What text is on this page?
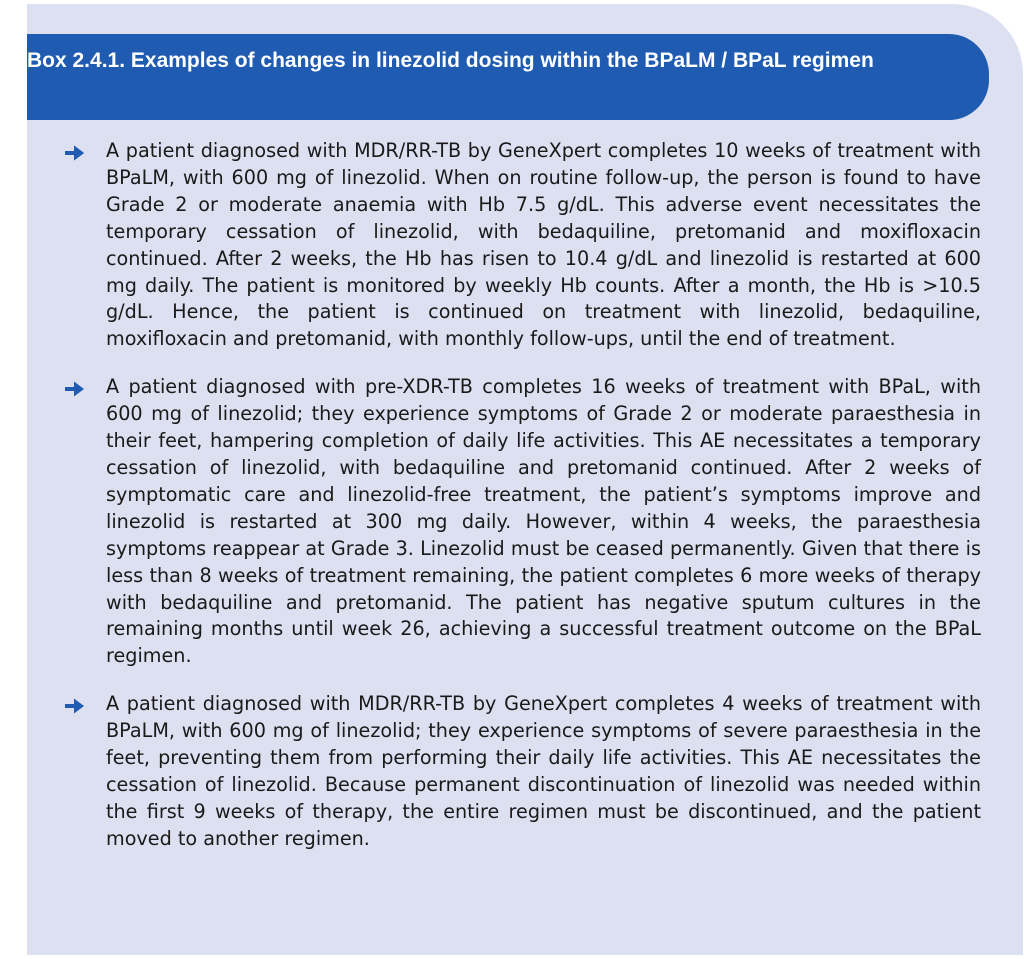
Box 2.4.1. Examples of changes in linezolid dosing within the BPaLM / BPaL regimen

A patient diagnosed with MDR/RR-TB by GeneXpert completes 10 weeks of treatment with BPaLM, with 600 mg of linezolid. When on routine follow-up, the person is found to have Grade 2 or moderate anaemia with Hb 7.5 g/dL. This adverse event necessitates the temporary cessation of linezolid, with bedaquiline, pretomanid and moxifloxacin continued. After 2 weeks, the Hb has risen to 10.4 g/dL and linezolid is restarted at 600 mg daily. The patient is monitored by weekly Hb counts. After a month, the Hb is >10.5 g/dL. Hence, the patient is continued on treatment with linezolid, bedaquiline, moxifloxacin and pretomanid, with monthly follow-ups, until the end of treatment.

A patient diagnosed with pre-XDR-TB completes 16 weeks of treatment with BPaL, with 600 mg of linezolid; they experience symptoms of Grade 2 or moderate paraesthesia in their feet, hampering completion of daily life activities. This AE necessitates a temporary cessation of linezolid, with bedaquiline and pretomanid continued. After 2 weeks of symptomatic care and linezolid-free treatment, the patient’s symptoms improve and linezolid is restarted at 300 mg daily. However, within 4 weeks, the paraesthesia symptoms reappear at Grade 3. Linezolid must be ceased permanently. Given that there is less than 8 weeks of treatment remaining, the patient completes 6 more weeks of therapy with bedaquiline and pretomanid. The patient has negative sputum cultures in the remaining months until week 26, achieving a successful treatment outcome on the BPaL regimen.

A patient diagnosed with MDR/RR-TB by GeneXpert completes 4 weeks of treatment with BPaLM, with 600 mg of linezolid; they experience symptoms of severe paraesthesia in the feet, preventing them from performing their daily life activities. This AE necessitates the cessation of linezolid. Because permanent discontinuation of linezolid was needed within the first 9 weeks of therapy, the entire regimen must be discontinued, and the patient moved to another regimen.
